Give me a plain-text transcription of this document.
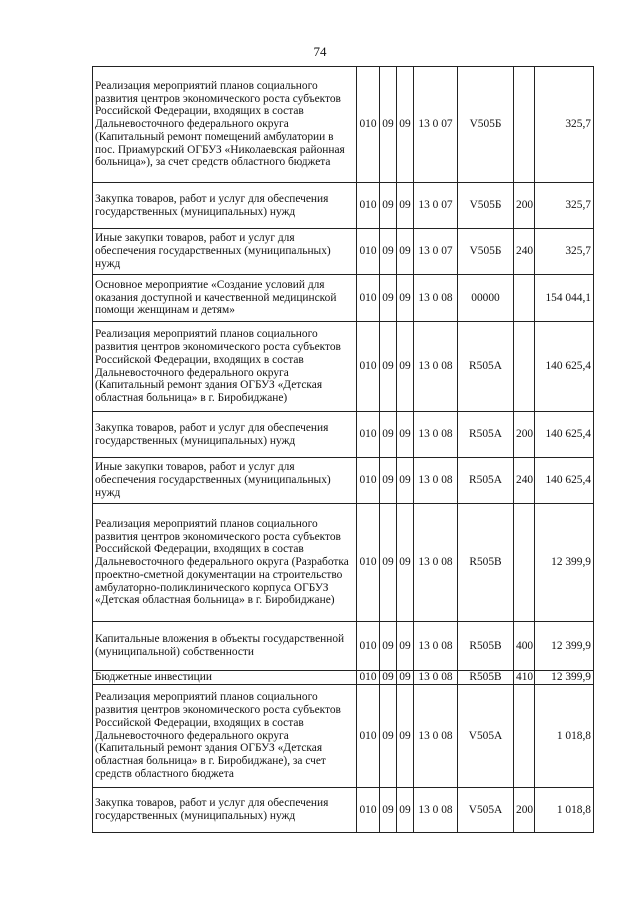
74
Реализация мероприятий планов социального развития центров экономического роста субъектов Российской Федерации, входящих в состав Дальневосточного федерального округа (Капитальный ремонт помещений амбулатории в пос. Приамурский ОГБУЗ «Николаевская районная больница»), за счет средств областного бюджета	010	09	09	13 0 07	V505Б		325,7
Закупка товаров, работ и услуг для обеспечения государственных (муниципальных) нужд	010	09	09	13 0 07	V505Б	200	325,7
Иные закупки товаров, работ и услуг для обеспечения государственных (муниципальных) нужд	010	09	09	13 0 07	V505Б	240	325,7
Основное мероприятие «Создание условий для оказания доступной и качественной медицинской помощи женщинам и детям»	010	09	09	13 0 08	00000		154 044,1
Реализация мероприятий планов социального развития центров экономического роста субъектов Российской Федерации, входящих в состав Дальневосточного федерального округа (Капитальный ремонт здания ОГБУЗ «Детская областная больница» в г. Биробиджане)	010	09	09	13 0 08	R505А		140 625,4
Закупка товаров, работ и услуг для обеспечения государственных (муниципальных) нужд	010	09	09	13 0 08	R505А	200	140 625,4
Иные закупки товаров, работ и услуг для обеспечения государственных (муниципальных) нужд	010	09	09	13 0 08	R505А	240	140 625,4
Реализация мероприятий планов социального развития центров экономического роста субъектов Российской Федерации, входящих в состав Дальневосточного федерального округа (Разработка проектно-сметной документации на строительство амбулаторно-поликлинического корпуса ОГБУЗ «Детская областная больница» в г. Биробиджане)	010	09	09	13 0 08	R505В		12 399,9
Капитальные вложения в объекты государственной (муниципальной) собственности	010	09	09	13 0 08	R505В	400	12 399,9
Бюджетные инвестиции	010	09	09	13 0 08	R505В	410	12 399,9
Реализация мероприятий планов социального развития центров экономического роста субъектов Российской Федерации, входящих в состав Дальневосточного федерального округа (Капитальный ремонт здания ОГБУЗ «Детская областная больница» в г. Биробиджане), за счет средств областного бюджета	010	09	09	13 0 08	V505А		1 018,8
Закупка товаров, работ и услуг для обеспечения государственных (муниципальных) нужд	010	09	09	13 0 08	V505А	200	1 018,8
